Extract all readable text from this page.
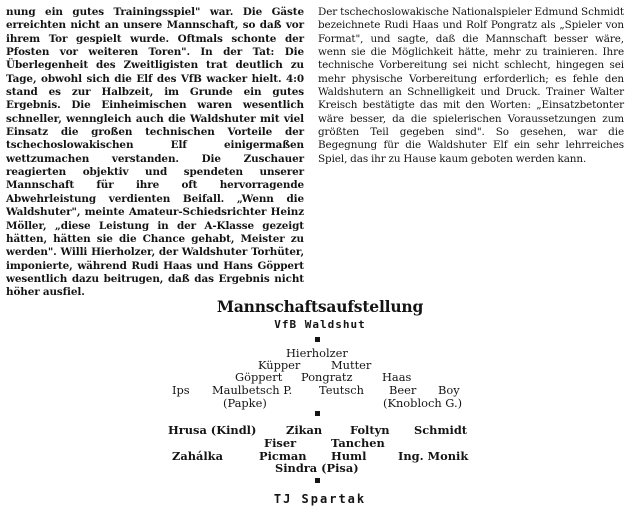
nung ein gutes Trainingsspiel" war. Die Gäste erreichten nicht an unsere Mannschaft, so daß vor ihrem Tor gespielt wurde. Oftmals schonte der Pfosten vor weiteren Toren". In der Tat: Die Überlegenheit des Zweitligisten trat deutlich zu Tage, obwohl sich die Elf des VfB wacker hielt. 4:0 stand es zur Halbzeit, im Grunde ein gutes Ergebnis. Die Einheimischen waren wesentlich schneller, wenngleich auch die Waldshuter mit viel Einsatz die großen technischen Vorteile der tschechoslowakischen Elf einigermaßen wettzumachen verstanden. Die Zuschauer reagierten objektiv und spendeten unserer Mannschaft für ihre oft hervorragende Abwehrleistung verdienten Beifall. „Wenn die Waldshuter", meinte Amateur-Schiedsrichter Heinz Möller, „diese Leistung in der A-Klasse gezeigt hätten, hätten sie die Chance gehabt, Meister zu werden". Willi Hierholzer, der Waldshuter Torhüter, imponierte, während Rudi Haas und Hans Göppert wesentlich dazu beitrugen, daß das Ergebnis nicht höher ausfiel.

Der tschechoslowakische Nationalspieler Edmund Schmidt bezeichnete Rudi Haas und Rolf Pongratz als „Spieler von Format", und sagte, daß die Mannschaft besser wäre, wenn sie die Möglichkeit hätte, mehr zu trainieren. Ihre technische Vorbereitung sei nicht schlecht, hingegen sei mehr physische Vorbereitung erforderlich; es fehle den Waldshutern an Schnelligkeit und Druck. Trainer Walter Kreisch bestätigte das mit den Worten: „Einsatzbetonter wäre besser, da die spielerischen Voraussetzungen zum größten Teil gegeben sind". So gesehen, war die Begegnung für die Waldshuter Elf ein sehr lehrreiches Spiel, das ihr zu Hause kaum geboten werden kann.

Mannschaftsaufstellung
VfB Waldshut
Hierholzer
Küpper	Mutter
Göppert Pongratz	Haas
Ips Maulbetsch P. Teutsch Beer Boy
(Papke)	(Knobloch G.)
Hrusa (Kindl)	Zikan Foltyn Schmidt
Fiser	Tanchen
Zahálka	Picman Huml	Ing. Monik
Sindra (Pisa)
TJ Spartak
